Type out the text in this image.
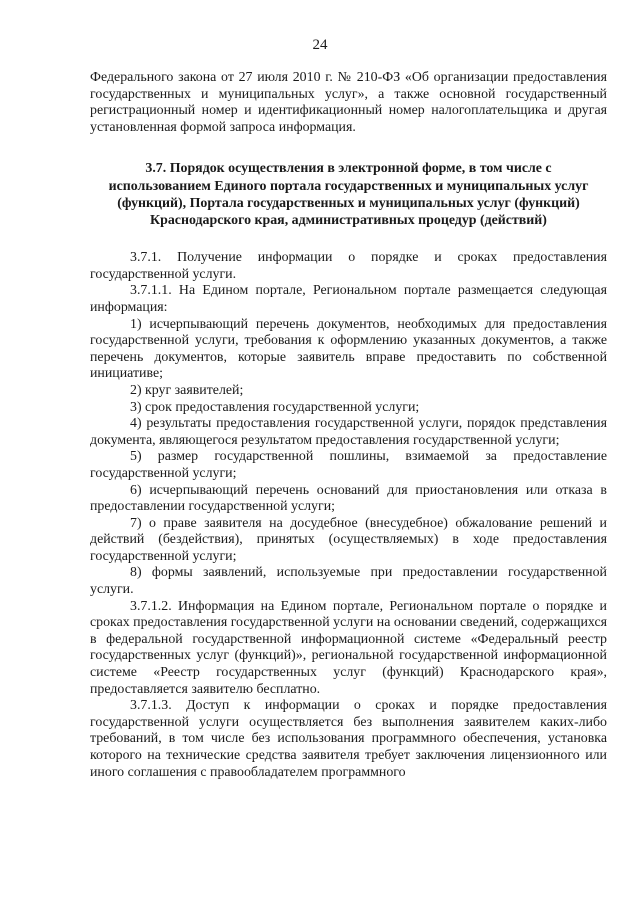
24

Федерального закона от 27 июля 2010 г. № 210-ФЗ «Об организации предоставления государственных и муниципальных услуг», а также основной государственный регистрационный номер и идентификационный номер налогоплательщика и другая установленная формой запроса информация.

3.7. Порядок осуществления в электронной форме, в том числе с использованием Единого портала государственных и муниципальных услуг (функций), Портала государственных и муниципальных услуг (функций) Краснодарского края, административных процедур (действий)

3.7.1. Получение информации о порядке и сроках предоставления государственной услуги.

3.7.1.1. На Едином портале, Региональном портале размещается следующая информация:

1) исчерпывающий перечень документов, необходимых для предоставления государственной услуги, требования к оформлению указанных документов, а также перечень документов, которые заявитель вправе предоставить по собственной инициативе;

2) круг заявителей;

3) срок предоставления государственной услуги;

4) результаты предоставления государственной услуги, порядок представления документа, являющегося результатом предоставления государственной услуги;

5) размер государственной пошлины, взимаемой за предоставление государственной услуги;

6) исчерпывающий перечень оснований для приостановления или отказа в предоставлении государственной услуги;

7) о праве заявителя на досудебное (внесудебное) обжалование решений и действий (бездействия), принятых (осуществляемых) в ходе предоставления государственной услуги;

8) формы заявлений, используемые при предоставлении государственной услуги.

3.7.1.2. Информация на Едином портале, Региональном портале о порядке и сроках предоставления государственной услуги на основании сведений, содержащихся в федеральной государственной информационной системе «Федеральный реестр государственных услуг (функций)», региональной государственной информационной системе «Реестр государственных услуг (функций) Краснодарского края», предоставляется заявителю бесплатно.

3.7.1.3. Доступ к информации о сроках и порядке предоставления государственной услуги осуществляется без выполнения заявителем каких-либо требований, в том числе без использования программного обеспечения, установка которого на технические средства заявителя требует заключения лицензионного или иного соглашения с правообладателем программного
